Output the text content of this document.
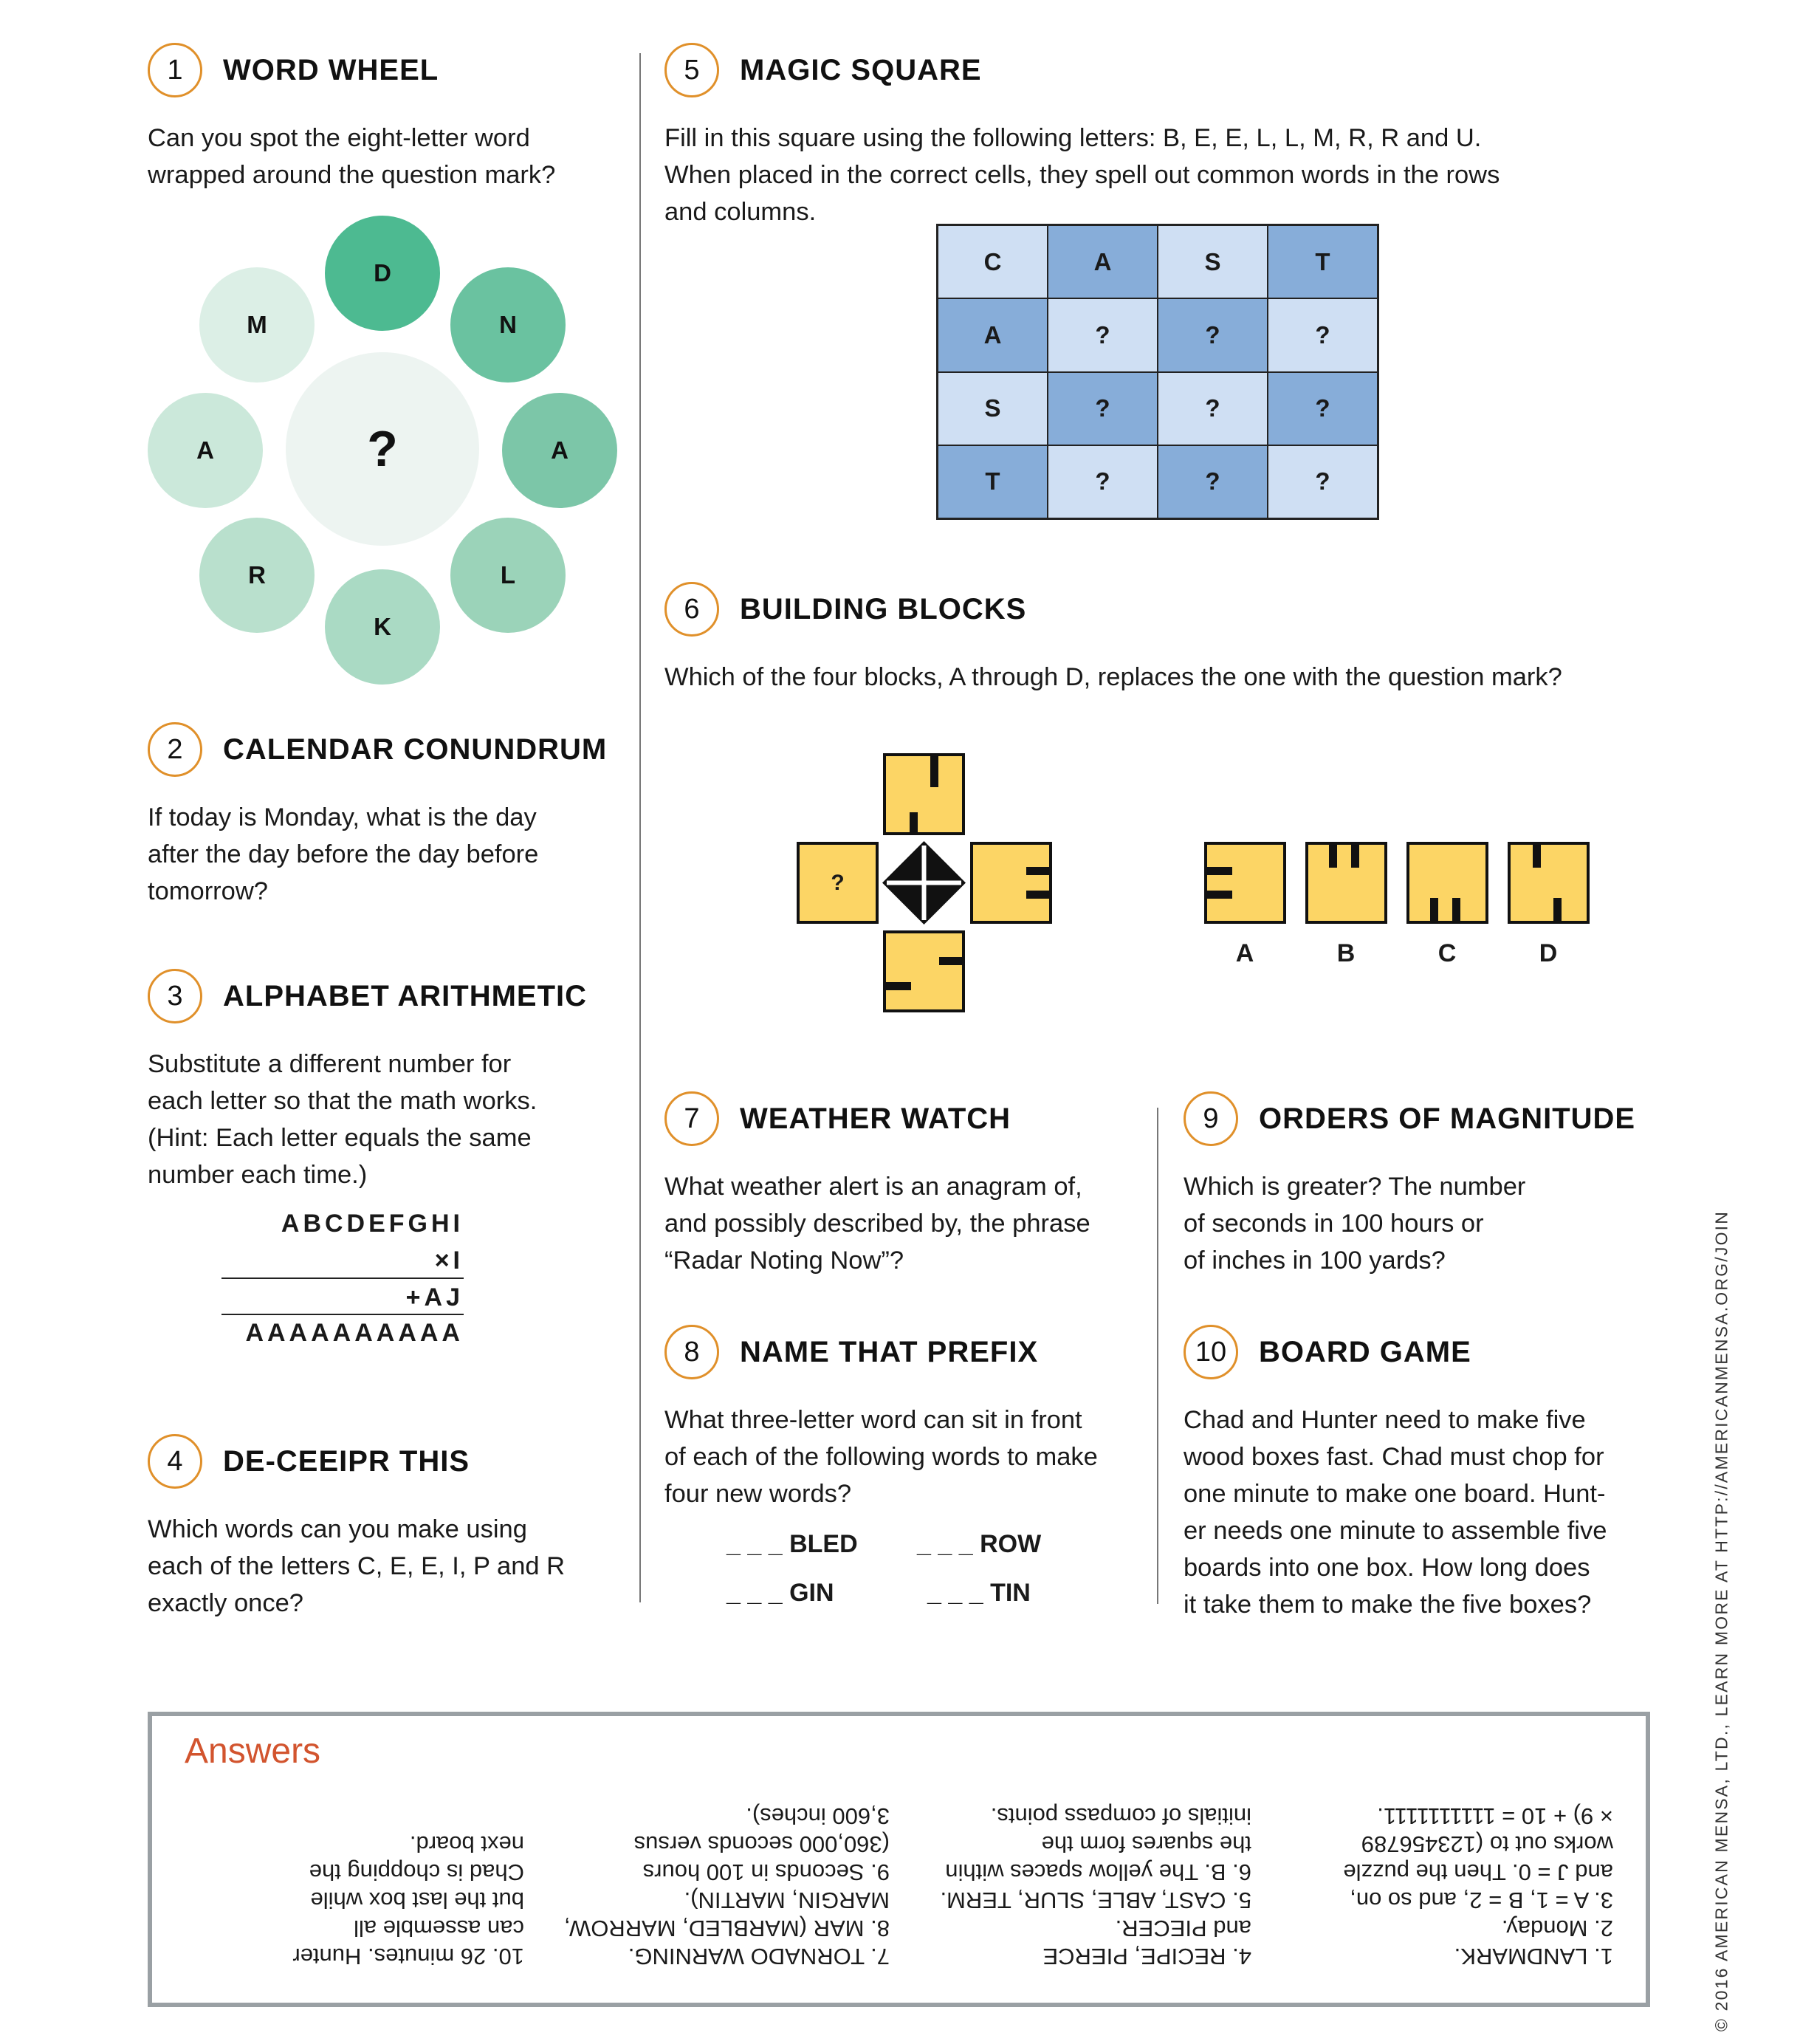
1	WORD WHEEL
Can you spot the eight-letter word
wrapped around the question mark?
?
D
N
A
L
K
R
A
M
2	CALENDAR CONUNDRUM
If today is Monday, what is the day
after the day before the day before
tomorrow?
3	ALPHABET ARITHMETIC
Substitute a different number for
each letter so that the math works.
(Hint: Each letter equals the same
number each time.)
ABCDEFGHI
×I
+AJ
AAAAAAAAAA
4	DE-CEEIPR THIS
Which words can you make using
each of the letters C, E, E, I, P and R
exactly once?
5	MAGIC SQUARE
Fill in this square using the following letters: B, E, E, L, L, M, R, R and U.
When placed in the correct cells, they spell out common words in the rows
and columns.
C	A	S	T
A	?	?	?
S	?	?	?
T	?	?	?
6	BUILDING BLOCKS
Which of the four blocks, A through D, replaces the one with the question mark?
?
A	B	C	D
7	WEATHER WATCH
What weather alert is an anagram of,
and possibly described by, the phrase
“Radar Noting Now”?
8	NAME THAT PREFIX
What three-letter word can sit in front
of each of the following words to make
four new words?
_ _ _ BLED _ _ _ ROW
_ _ _ GIN	_ _ _ TIN
9	ORDERS OF MAGNITUDE
Which is greater? The number
of seconds in 100 hours or
of inches in 100 yards?
10	BOARD GAME
Chad and Hunter need to make five
wood boxes fast. Chad must chop for
one minute to make one board. Hunt-
er needs one minute to assemble five
boards into one box. How long does
it take them to make the five boxes?
Answers
1. LANDMARK.
2. Monday.
3. A = 1, B = 2, and so on,
and J = 0. Then the puzzle
works out to (123456789
× 9) + 10 = 1111111111.
4. RECIPE, PIERCE
and PIECER.
5. CAST, ABLE, SLUR, TERM.
6. B. The yellow spaces within
the squares form the
initials of compass points.
7. TORNADO WARNING.
8. MAR (MARBLED, MARROW,
MARGIN, MARTIN).
9. Seconds in 100 hours
(360,000 seconds versus
3,600 inches).
10. 26 minutes. Hunter
can assemble all
but the last box while
Chad is chopping the
next board.	© 2016 AMERICAN MENSA, LTD., LEARN MORE AT HTTP://AMERICANMENSA.ORG/JOIN
